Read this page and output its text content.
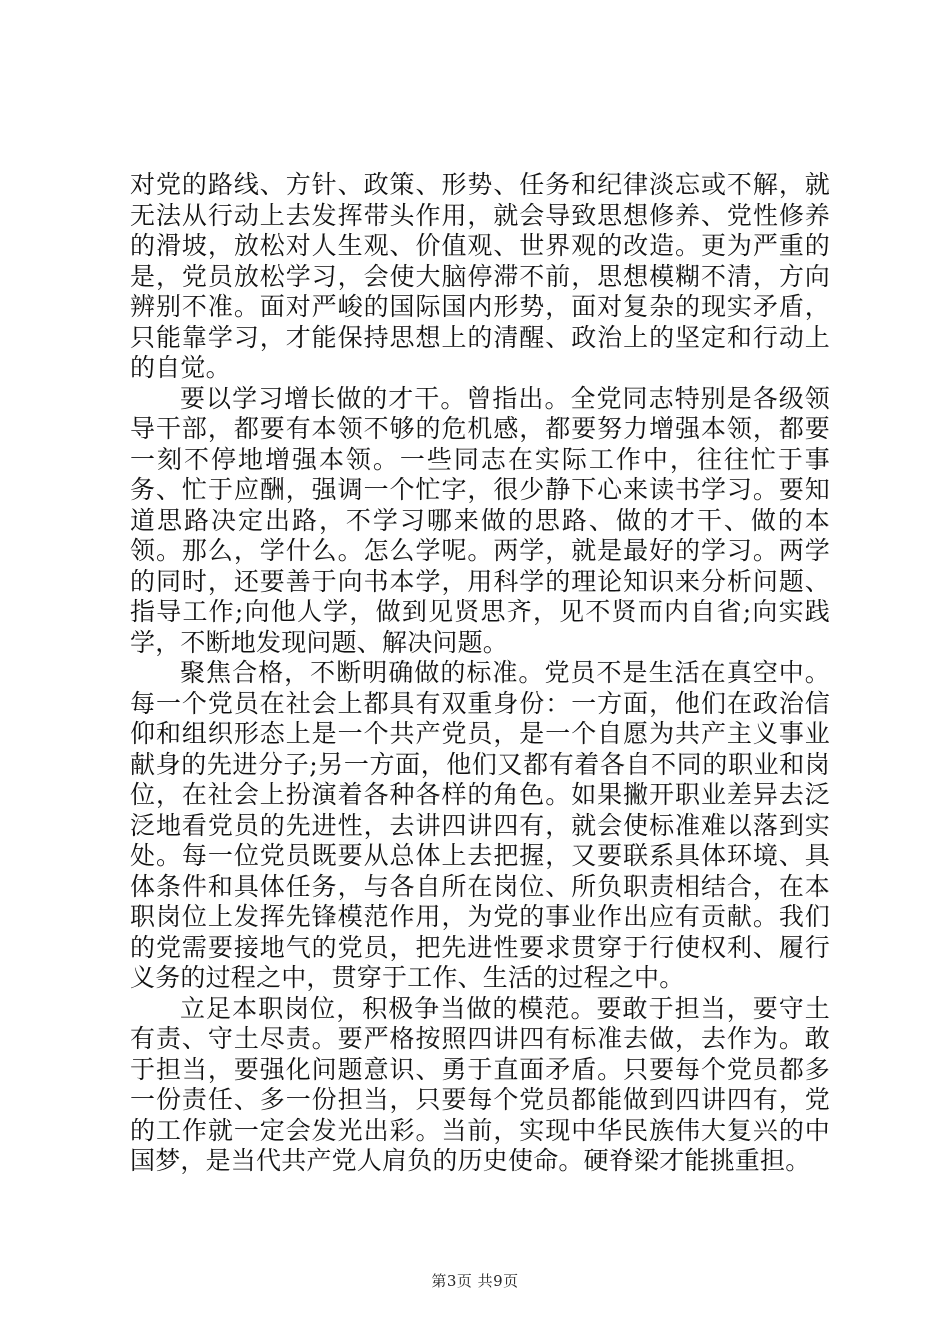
对党的路线、方针、政策、形势、任务和纪律淡忘或不解，就无法从行动上去发挥带头作用，就会导致思想修养、党性修养的滑坡，放松对人生观、价值观、世界观的改造。更为严重的是，党员放松学习，会使大脑停滞不前，思想模糊不清，方向辨别不准。面对严峻的国际国内形势，面对复杂的现实矛盾，只能靠学习，才能保持思想上的清醒、政治上的坚定和行动上的自觉。

要以学习增长做的才干。曾指出。全党同志特别是各级领导干部，都要有本领不够的危机感，都要努力增强本领，都要一刻不停地增强本领。一些同志在实际工作中，往往忙于事务、忙于应酬，强调一个忙字，很少静下心来读书学习。要知道思路决定出路，不学习哪来做的思路、做的才干、做的本领。那么，学什么。怎么学呢。两学，就是最好的学习。两学的同时，还要善于向书本学，用科学的理论知识来分析问题、指导工作;向他人学，做到见贤思齐，见不贤而内自省;向实践学，不断地发现问题、解决问题。

聚焦合格，不断明确做的标准。党员不是生活在真空中。每一个党员在社会上都具有双重身份：一方面，他们在政治信仰和组织形态上是一个共产党员，是一个自愿为共产主义事业献身的先进分子;另一方面，他们又都有着各自不同的职业和岗位，在社会上扮演着各种各样的角色。如果撇开职业差异去泛泛地看党员的先进性，去讲四讲四有，就会使标准难以落到实处。每一位党员既要从总体上去把握，又要联系具体环境、具体条件和具体任务，与各自所在岗位、所负职责相结合，在本职岗位上发挥先锋模范作用，为党的事业作出应有贡献。我们的党需要接地气的党员，把先进性要求贯穿于行使权利、履行义务的过程之中，贯穿于工作、生活的过程之中。

立足本职岗位，积极争当做的模范。要敢于担当，要守土有责、守土尽责。要严格按照四讲四有标准去做，去作为。敢于担当，要强化问题意识、勇于直面矛盾。只要每个党员都多一份责任、多一份担当，只要每个党员都能做到四讲四有，党的工作就一定会发光出彩。当前，实现中华民族伟大复兴的中国梦，是当代共产党人肩负的历史使命。硬脊梁才能挑重担。

第3页 共9页
